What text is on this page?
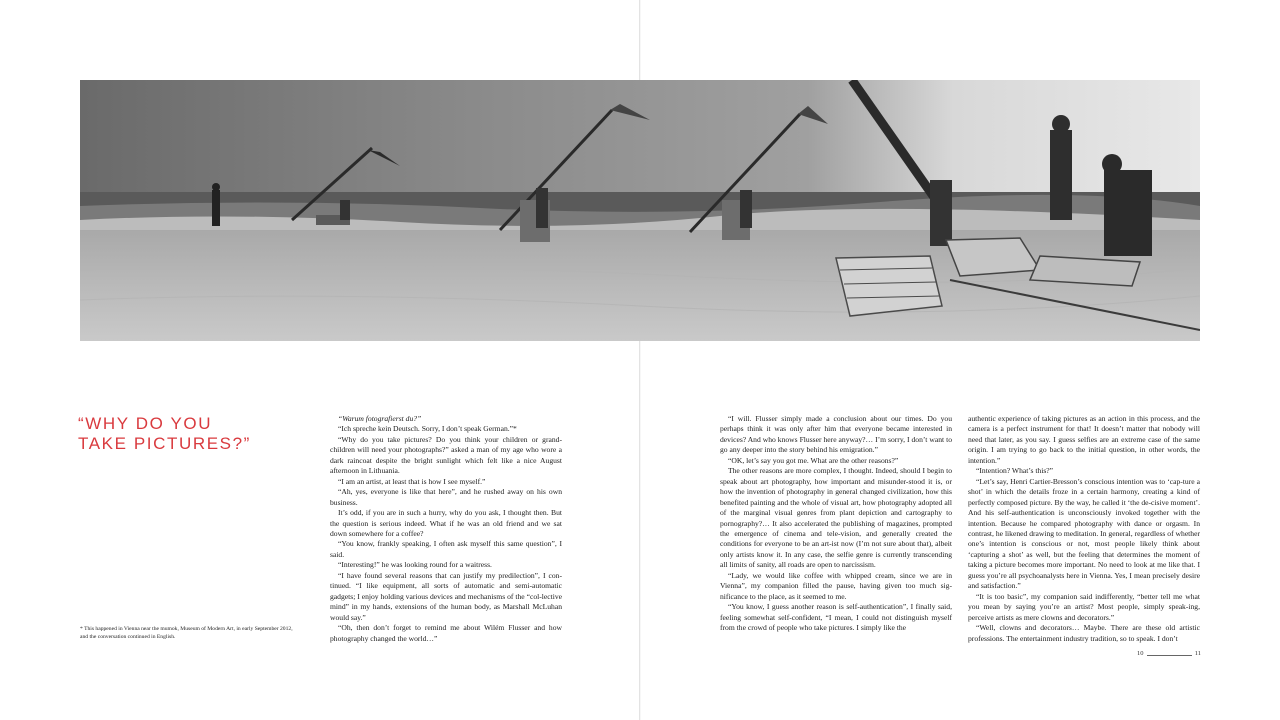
“WHY DO YOU
TAKE PICTURES?”
* This happened in Vienna near the mumok, Museum of Modern Art, in early September 2012, and the conversation continued in English.

“Warum fotografierst du?”

“Ich spreche kein Deutsch. Sorry, I don’t speak German.”*

“Why do you take pictures? Do you think your children or grand-children will need your photographs?” asked a man of my age who wore a dark raincoat despite the bright sunlight which felt like a nice August afternoon in Lithuania.

“I am an artist, at least that is how I see myself.”

“Ah, yes, everyone is like that here”, and he rushed away on his own business.

It’s odd, if you are in such a hurry, why do you ask, I thought then. But the question is serious indeed. What if he was an old friend and we sat down somewhere for a coffee?

“You know, frankly speaking, I often ask myself this same question”, I said.

“Interesting!” he was looking round for a waitress.

“I have found several reasons that can justify my predilection”, I con-tinued. “I like equipment, all sorts of automatic and semi-automatic gadgets; I enjoy holding various devices and mechanisms of the “col-lective mind” in my hands, extensions of the human body, as Marshall McLuhan would say.”

“Oh, then don’t forget to remind me about Wilém Flusser and how photography changed the world…”

“I will. Flusser simply made a conclusion about our times. Do you perhaps think it was only after him that everyone became interested in devices? And who knows Flusser here anyway?… I’m sorry, I don’t want to go any deeper into the story behind his emigration.”

“OK, let’s say you got me. What are the other reasons?”

The other reasons are more complex, I thought. Indeed, should I begin to speak about art photography, how important and misunder-stood it is, or how the invention of photography in general changed civilization, how this benefited painting and the whole of visual art, how photography adopted all of the marginal visual genres from plant depiction and cartography to pornography?… It also accelerated the publishing of magazines, prompted the emergence of cinema and tele-vision, and generally created the conditions for everyone to be an art-ist now (I’m not sure about that), albeit only artists know it. In any case, the selfie genre is currently transcending all limits of sanity, all roads are open to narcissism.

“Lady, we would like coffee with whipped cream, since we are in Vienna”, my companion filled the pause, having given too much sig-nificance to the place, as it seemed to me.

“You know, I guess another reason is self-authentication”, I finally said, feeling somewhat self-confident, “I mean, I could not distinguish myself from the crowd of people who take pictures. I simply like the

authentic experience of taking pictures as an action in this process, and the camera is a perfect instrument for that! It doesn’t matter that nobody will need that later, as you say. I guess selfies are an extreme case of the same origin. I am trying to go back to the initial question, in other words, the intention.”

“Intention? What’s this?”

“Let’s say, Henri Cartier-Bresson’s conscious intention was to ‘cap-ture a shot’ in which the details froze in a certain harmony, creating a kind of perfectly composed picture. By the way, he called it ‘the de-cisive moment’. And his self-authentication is unconsciously invoked together with the intention. Because he compared photography with dance or orgasm. In contrast, he likened drawing to meditation. In general, regardless of whether one’s intention is conscious or not, most people likely think about ‘capturing a shot’ as well, but the feeling that determines the moment of taking a picture becomes more important. No need to look at me like that. I guess you’re all psychoanalysts here in Vienna. Yes, I mean precisely desire and satisfaction.”

“It is too basic”, my companion said indifferently, “better tell me what you mean by saying you’re an artist? Most people, simply speak-ing, perceive artists as mere clowns and decorators.”

“Well, clowns and decorators… Maybe. There are these old artistic professions. The entertainment industry tradition, so to speak. I don’t

10	11
